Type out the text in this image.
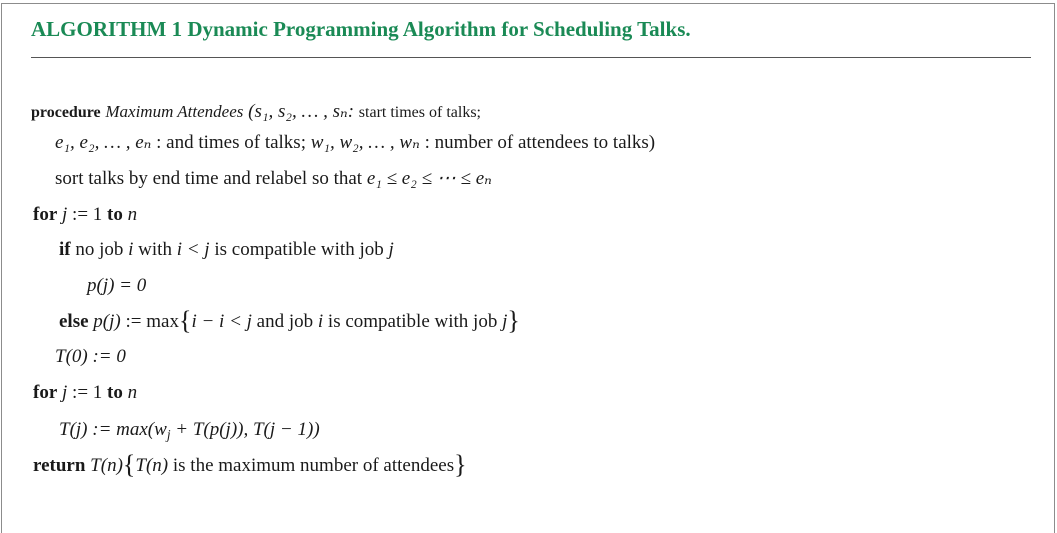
ALGORITHM 1 Dynamic Programming Algorithm for Scheduling Talks.
procedure Maximum Attendees (s₁, s₂, … , sₙ: start times of talks;
e₁, e₂, … , eₙ : and times of talks; w₁, w₂, … , wₙ : number of attendees to talks)
sort talks by end time and relabel so that e₁ ≤ e₂ ≤ ⋯ ≤ eₙ
for j := 1 to n
if no job i with i < j is compatible with job j
p(j) = 0
else p(j) := max{i − i < j and job i is compatible with job j}
T(0) := 0
for j := 1 to n
T(j) := $\max(w_j + T(p(j))$, T(j − 1))
return T(n){T(n) is the maximum number of attendees}
